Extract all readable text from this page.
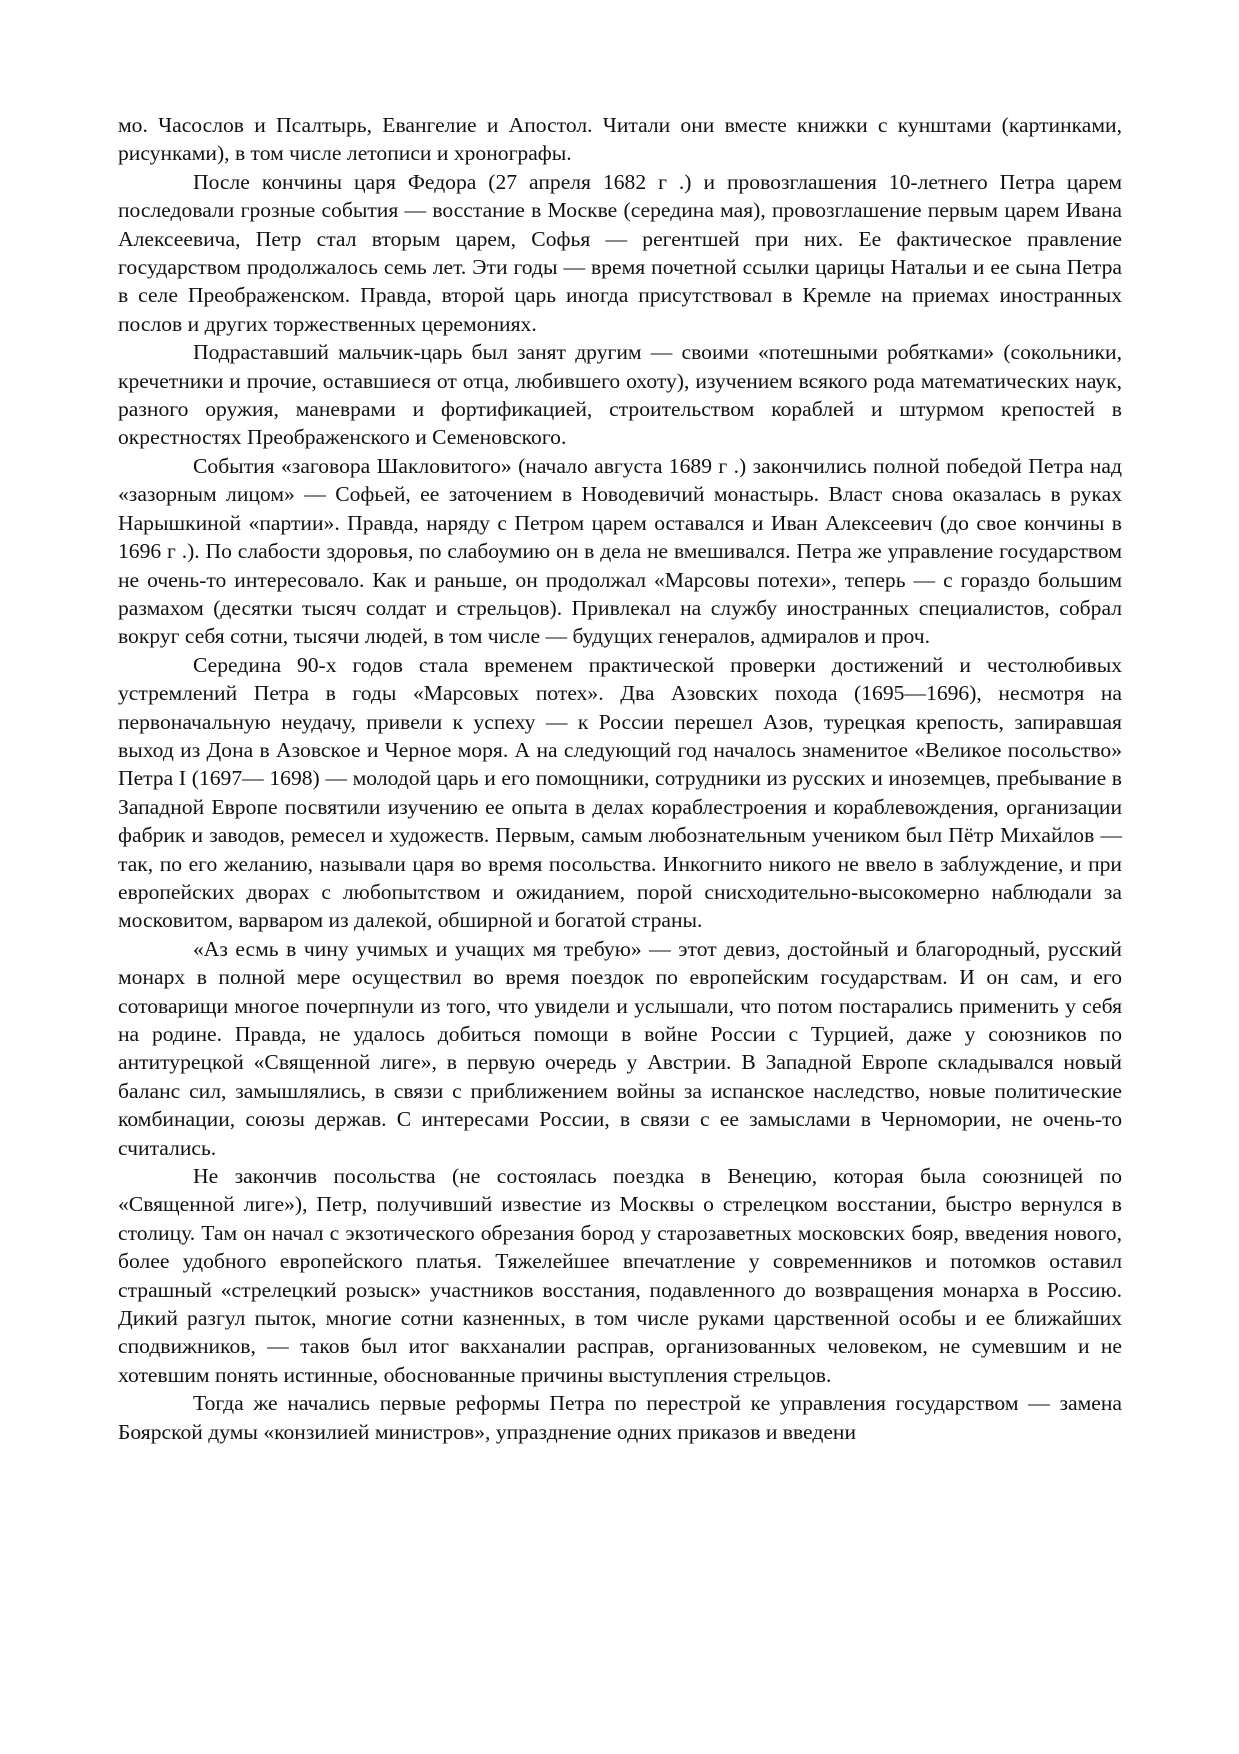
мо. Часослов и Псалтырь, Евангелие и Апостол. Читали они вместе книжки с кунштами (картинками, рисунками), в том числе летописи и хронографы.

После кончины царя Федора (27 апреля 1682 г .) и провозглашения 10-летнего Петра царем последовали грозные события — восстание в Москве (середина мая), провозглашение первым царем Ивана Алексеевича, Петр стал вторым царем, Софья — регентшей при них. Ее фактическое правление государством продолжалось семь лет. Эти годы — время почетной ссылки царицы Натальи и ее сына Петра в селе Преображенском. Правда, второй царь иногда присутствовал в Кремле на приемах иностранных послов и других торжественных церемониях.

Подраставший мальчик-царь был занят другим — своими «потешными робятками» (сокольники, кречетники и прочие, оставшиеся от отца, любившего охоту), изучением всякого рода математических наук, разного оружия, маневрами и фортификацией, строительством кораблей и штурмом крепостей в окрестностях Преображенского и Семеновского.

События «заговора Шакловитого» (начало августа 1689 г .) закончились полной победой Петра над «зазорным лицом» — Софьей, ее заточением в Новодевичий монастырь. Власт снова оказалась в руках Нарышкиной «партии». Правда, наряду с Петром царем оставался и Иван Алексеевич (до свое кончины в 1696 г .). По слабости здоровья, по слабоумию он в дела не вмешивался. Петра же управление государством не очень-то интересовало. Как и раньше, он продолжал «Марсовы потехи», теперь — с гораздо большим размахом (десятки тысяч солдат и стрельцов). Привлекал на службу иностранных специалистов, собрал вокруг себя сотни, тысячи людей, в том числе — будущих генералов, адмиралов и проч.

Середина 90-х годов стала временем практической проверки достижений и честолюбивых устремлений Петра в годы «Марсовых потех». Два Азовских похода (1695—1696), несмотря на первоначальную неудачу, привели к успеху — к России перешел Азов, турецкая крепость, запиравшая выход из Дона в Азовское и Черное моря. А на следующий год началось знаменитое «Великое посольство» Петра I (1697— 1698) — молодой царь и его помощники, сотрудники из русских и иноземцев, пребывание в Западной Европе посвятили изучению ее опыта в делах кораблестроения и кораблевождения, организации фабрик и заводов, ремесел и художеств. Первым, самым любознательным учеником был Пётр Михайлов — так, по его желанию, называли царя во время посольства. Инкогнито никого не ввело в заблуждение, и при европейских дворах с любопытством и ожиданием, порой снисходительно-высокомерно наблюдали за московитом, варваром из далекой, обширной и богатой страны.

«Аз есмь в чину учимых и учащих мя требую» — этот девиз, достойный и благородный, русский монарх в полной мере осуществил во время поездок по европейским государствам. И он сам, и его сотоварищи многое почерпнули из того, что увидели и услышали, что потом постарались применить у себя на родине. Правда, не удалось добиться помощи в войне России с Турцией, даже у союзников по антитурецкой «Священной лиге», в первую очередь у Австрии. В Западной Европе складывался новый баланс сил, замышлялись, в связи с приближением войны за испанское наследство, новые политические комбинации, союзы держав. С интересами России, в связи с ее замыслами в Черномории, не очень-то считались.

Не закончив посольства (не состоялась поездка в Венецию, которая была союзницей по «Священной лиге»), Петр, получивший известие из Москвы о стрелецком восстании, быстро вернулся в столицу. Там он начал с экзотического обрезания бород у старозаветных московских бояр, введения нового, более удобного европейского платья. Тяжелейшее впечатление у современников и потомков оставил страшный «стрелецкий розыск» участников восстания, подавленного до возвращения монарха в Россию. Дикий разгул пыток, многие сотни казненных, в том числе руками царственной особы и ее ближайших сподвижников, — таков был итог вакханалии расправ, организованных человеком, не сумевшим и не хотевшим понять истинные, обоснованные причины выступления стрельцов.

Тогда же начались первые реформы Петра по перестрой ке управления государством — замена Боярской думы «конзилией министров», упразднение одних приказов и введени
